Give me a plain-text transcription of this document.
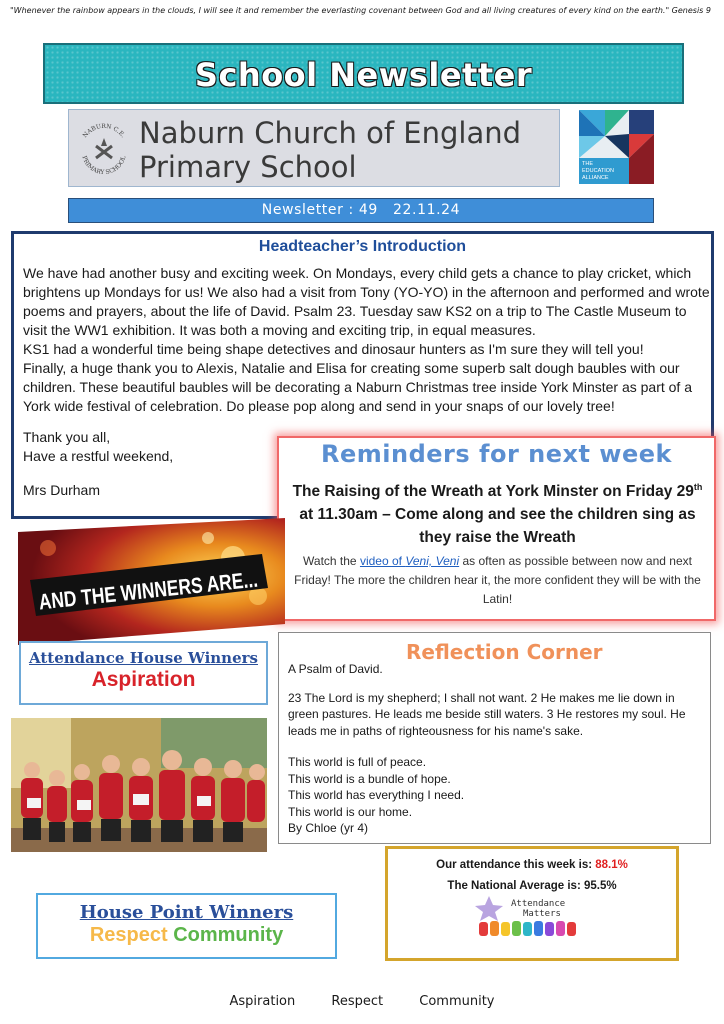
"Whenever the rainbow appears in the clouds, I will see it and remember the everlasting covenant between God and all living creatures of every kind on the earth." Genesis 9
School Newsletter
NABURN C.E.
PRIMARY SCHOOL
Naburn Church of England
Primary School	THE
EDUCATION
ALLIANCE
Newsletter : 49   22.11.24
Headteacher’s Introduction

We have had another busy and exciting week. On Mondays, every child gets a chance to play cricket, which brightens up Mondays for us! We also had a visit from Tony (YO-YO) in the afternoon and performed and wrote poems and prayers, about the life of David. Psalm 23. Tuesday saw KS2 on a trip to The Castle Museum to visit the WW1 exhibition. It was both a moving and exciting trip, in equal measures.

KS1 had a wonderful time being shape detectives and dinosaur hunters as I'm sure they will tell you!

Finally, a huge thank you to Alexis, Natalie and Elisa for creating some superb salt dough baubles with our children. These beautiful baubles will be decorating a Naburn Christmas tree inside York Minster as part of a York wide festival of celebration. Do please pop along and send in your snaps of our lovely tree!

Thank you all,
Have a restful weekend,
Mrs Durham
Reminders for next week
The Raising of the Wreath at York Minster on Friday 29th at 11.30am – Come along and see the children sing as they raise the Wreath
Watch the video of Veni, Veni as often as possible between now and next Friday! The more the children hear it, the more confident they will be with the Latin!
AND THE WINNERS ARE...
Attendance House Winners
Aspiration
Reflection Corner

A Psalm of David.

23 The Lord is my shepherd; I shall not want. 2 He makes me lie down in green pastures. He leads me beside still waters. 3 He restores my soul. He leads me in paths of righteousness for his name's sake.

This world is full of peace.

This world is a bundle of hope.

This world has everything I need.

This world is our home.

By Chloe (yr 4)

Our attendance this week is: 88.1%
The National Average is: 95.5%
Attendance
Matters
House Point Winners
Respect Community
Aspiration	Respect	Community
